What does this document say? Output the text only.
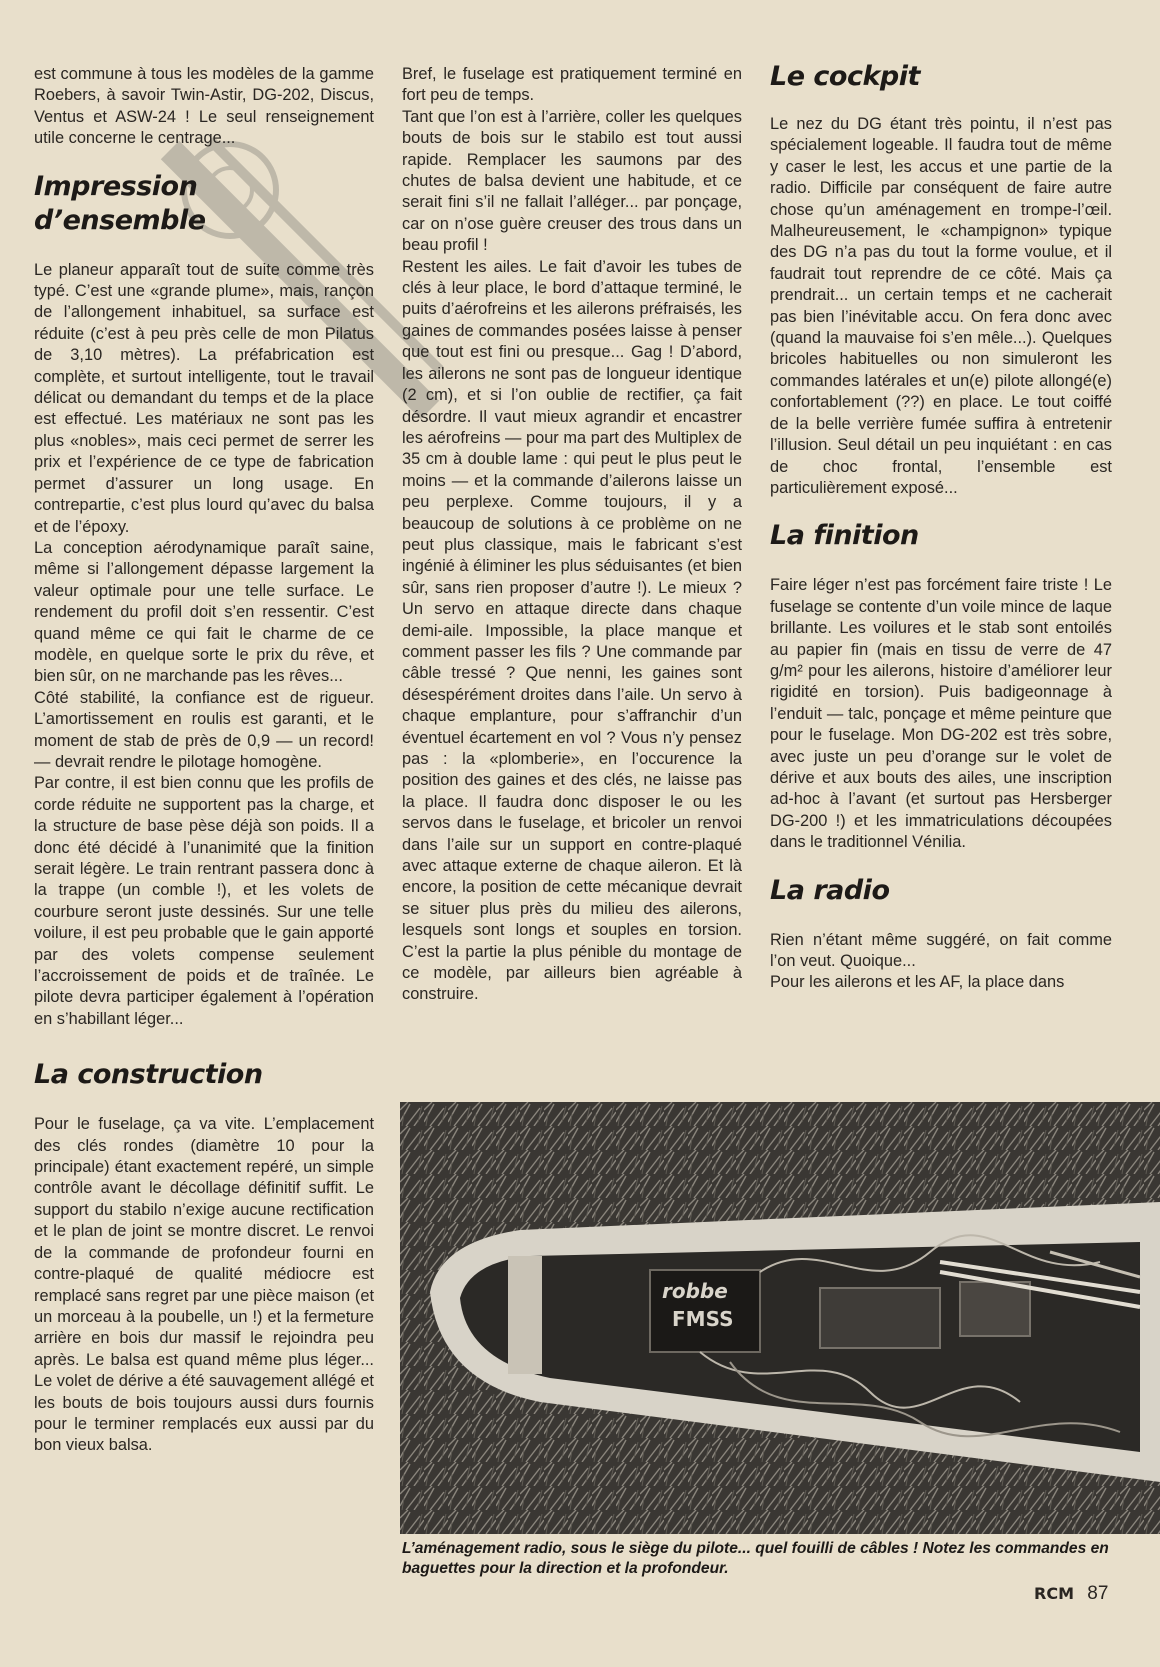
est commune à tous les modèles de la gamme Roebers, à savoir Twin-Astir, DG-202, Discus, Ventus et ASW-24 ! Le seul renseignement utile concerne le centrage...

Impression d’ensemble

Le planeur apparaît tout de suite comme très typé. C’est une «grande plume», mais, rançon de l’allongement inhabituel, sa surface est réduite (c’est à peu près celle de mon Pilatus de 3,10 mètres). La préfabrication est complète, et surtout intelligente, tout le travail délicat ou demandant du temps et de la place est effectué. Les matériaux ne sont pas les plus «nobles», mais ceci permet de serrer les prix et l’expérience de ce type de fabrication permet d’assurer un long usage. En contrepartie, c’est plus lourd qu’avec du balsa et de l’époxy.

La conception aérodynamique paraît saine, même si l’allongement dépasse largement la valeur optimale pour une telle surface. Le rendement du profil doit s’en ressentir. C’est quand même ce qui fait le charme de ce modèle, en quelque sorte le prix du rêve, et bien sûr, on ne marchande pas les rêves...

Côté stabilité, la confiance est de rigueur. L’amortissement en roulis est garanti, et le moment de stab de près de 0,9 — un record! — devrait rendre le pilotage homogène.

Par contre, il est bien connu que les profils de corde réduite ne supportent pas la charge, et la structure de base pèse déjà son poids. Il a donc été décidé à l’unanimité que la finition serait légère. Le train rentrant passera donc à la trappe (un comble !), et les volets de courbure seront juste dessinés. Sur une telle voilure, il est peu probable que le gain apporté par des volets compense seulement l’accroissement de poids et de traînée. Le pilote devra participer également à l’opération en s’habillant léger...

La construction

Pour le fuselage, ça va vite. L’emplacement des clés rondes (diamètre 10 pour la principale) étant exactement repéré, un simple contrôle avant le décollage définitif suffit. Le support du stabilo n’exige aucune rectification et le plan de joint se montre discret. Le renvoi de la commande de profondeur fourni en contre-plaqué de qualité médiocre est remplacé sans regret par une pièce maison (et un morceau à la poubelle, un !) et la fermeture arrière en bois dur massif le rejoindra peu après. Le balsa est quand même plus léger... Le volet de dérive a été sauvagement allégé et les bouts de bois toujours aussi durs fournis pour le terminer remplacés eux aussi par du bon vieux balsa.

Bref, le fuselage est pratiquement terminé en fort peu de temps.

Tant que l’on est à l’arrière, coller les quelques bouts de bois sur le stabilo est tout aussi rapide. Remplacer les saumons par des chutes de balsa devient une habitude, et ce serait fini s’il ne fallait l’alléger... par ponçage, car on n’ose guère creuser des trous dans un beau profil !

Restent les ailes. Le fait d’avoir les tubes de clés à leur place, le bord d’attaque terminé, le puits d’aérofreins et les ailerons préfraisés, les gaines de commandes posées laisse à penser que tout est fini ou presque... Gag ! D’abord, les ailerons ne sont pas de longueur identique (2 cm), et si l’on oublie de rectifier, ça fait désordre. Il vaut mieux agrandir et encastrer les aérofreins — pour ma part des Multiplex de 35 cm à double lame : qui peut le plus peut le moins — et la commande d’ailerons laisse un peu perplexe. Comme toujours, il y a beaucoup de solutions à ce problème on ne peut plus classique, mais le fabricant s’est ingénié à éliminer les plus séduisantes (et bien sûr, sans rien proposer d’autre !). Le mieux ? Un servo en attaque directe dans chaque demi-aile. Impossible, la place manque et comment passer les fils ? Une commande par câble tressé ? Que nenni, les gaines sont désespérément droites dans l’aile. Un servo à chaque emplanture, pour s’affranchir d’un éventuel écartement en vol ? Vous n’y pensez pas : la «plomberie», en l’occurence la position des gaines et des clés, ne laisse pas la place. Il faudra donc disposer le ou les servos dans le fuselage, et bricoler un renvoi dans l’aile sur un support en contre-plaqué avec attaque externe de chaque aileron. Et là encore, la position de cette mécanique devrait se situer plus près du milieu des ailerons, lesquels sont longs et souples en torsion. C’est la partie la plus pénible du montage de ce modèle, par ailleurs bien agréable à construire.

Le cockpit

Le nez du DG étant très pointu, il n’est pas spécialement logeable. Il faudra tout de même y caser le lest, les accus et une partie de la radio. Difficile par conséquent de faire autre chose qu’un aménagement en trompe-l’œil. Malheureusement, le «champignon» typique des DG n’a pas du tout la forme voulue, et il faudrait tout reprendre de ce côté. Mais ça prendrait... un certain temps et ne cacherait pas bien l’inévitable accu. On fera donc avec (quand la mauvaise foi s’en mêle...). Quelques bricoles habituelles ou non simuleront les commandes latérales et un(e) pilote allongé(e) confortablement (??) en place. Le tout coiffé de la belle verrière fumée suffira à entretenir l’illusion. Seul détail un peu inquiétant : en cas de choc frontal, l’ensemble est particulièrement exposé...

La finition

Faire léger n’est pas forcément faire triste ! Le fuselage se contente d’un voile mince de laque brillante. Les voilures et le stab sont entoilés au papier fin (mais en tissu de verre de 47 g/m² pour les ailerons, histoire d’améliorer leur rigidité en torsion). Puis badigeonnage à l’enduit — talc, ponçage et même peinture que pour le fuselage. Mon DG-202 est très sobre, avec juste un peu d’orange sur le volet de dérive et aux bouts des ailes, une inscription ad-hoc à l’avant (et surtout pas Hersberger DG-200 !) et les immatriculations découpées dans le traditionnel Vénilia.

La radio

Rien n’étant même suggéré, on fait comme l’on veut. Quoique...

Pour les ailerons et les AF, la place dans

robbe
FMSS
L’aménagement radio, sous le siège du pilote... quel fouilli de câbles ! Notez les commandes en baguettes pour la direction et la profondeur.
RCM 87
